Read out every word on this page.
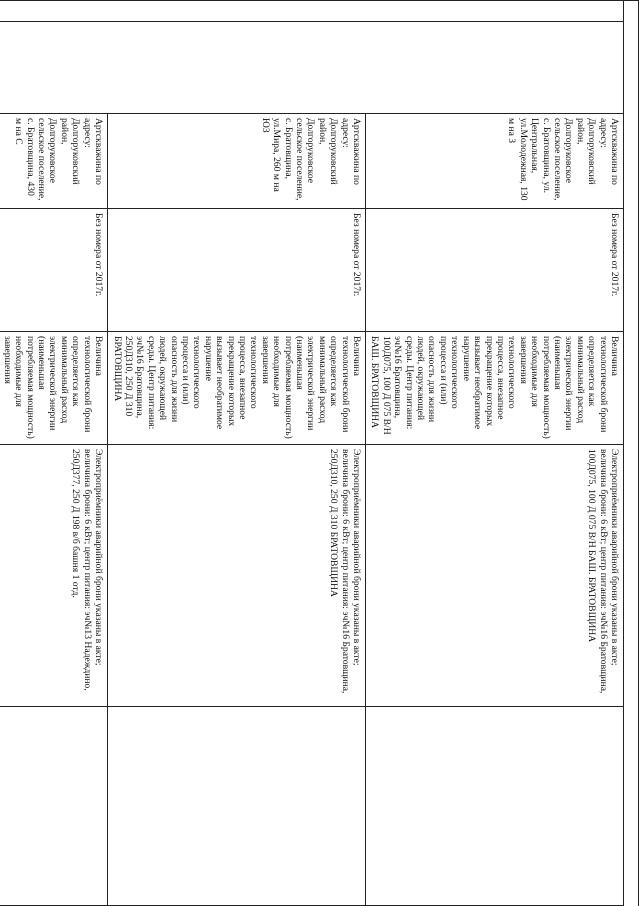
		Артскважина по адресу: Долгоруковский район, Долгоруковское сельское поселение, с. Братовщина, ул. Центральная, ул.Молодежная, 130 м на З	Без номера от 2017г.	Величина технологической брони определяется как минимальный расход электрической энергии (наименьшая потребляемая мощность) необходимые для завершения технологического процесса, внезапное прекращение которых вызывает необратимое нарушение технологического процесса и (или) опасность для жизни людей, окружающей среды. Центр питания: эч№16 Братовщина, 100Д075, 100 Д 075 В/Н БАШ. БРАТОВЩИНА	Электроприёмники аварийной брони указаны в акте; величина брони: 6 кВт; центр питания: эч№16 Братовщина, 100Д075, 100 Д 075 В/Н БАШ. БРАТОВЩИНА	
		Артскважина по адресу: Долгоруковский район, Долгоруковское сельское поселение, с. Братовщина, ул.Мира, 260 м на ЮЗ	Без номера от 2017г.	Величина технологической брони определяется как минимальный расход электрической энергии (наименьшая потребляемая мощность) необходимые для завершения технологического процесса, внезапное прекращение которых вызывает необратимое нарушение технологического процесса и (или) опасность для жизни людей, окружающей среды. Центр питания: эч№16 Братовщина, 250Д310, 250 Д 310 БРАТОВЩИНА	Электроприёмники аварийной брони указаны в акте; величина брони: 6 кВт; центр питания: эч№16 Братовщина, 250Д310, 250 Д 310 БРАТОВЩИНА	
		Артскважина по адресу: Долгоруковский район, Долгоруковское сельское поселение, с. Братовщина, 430 м на С	Без номера от 2017г.	Величина технологической брони определяется как минимальный расход электрической энергии (наименьшая потребляемая мощность) необходимые для завершения	Электроприёмники аварийной брони указаны в акте; величина брони: 6 кВт; центр питания: эч№13 Надеждино, 250Д377, 250 Д 198 в/б башня 1 отд.	
